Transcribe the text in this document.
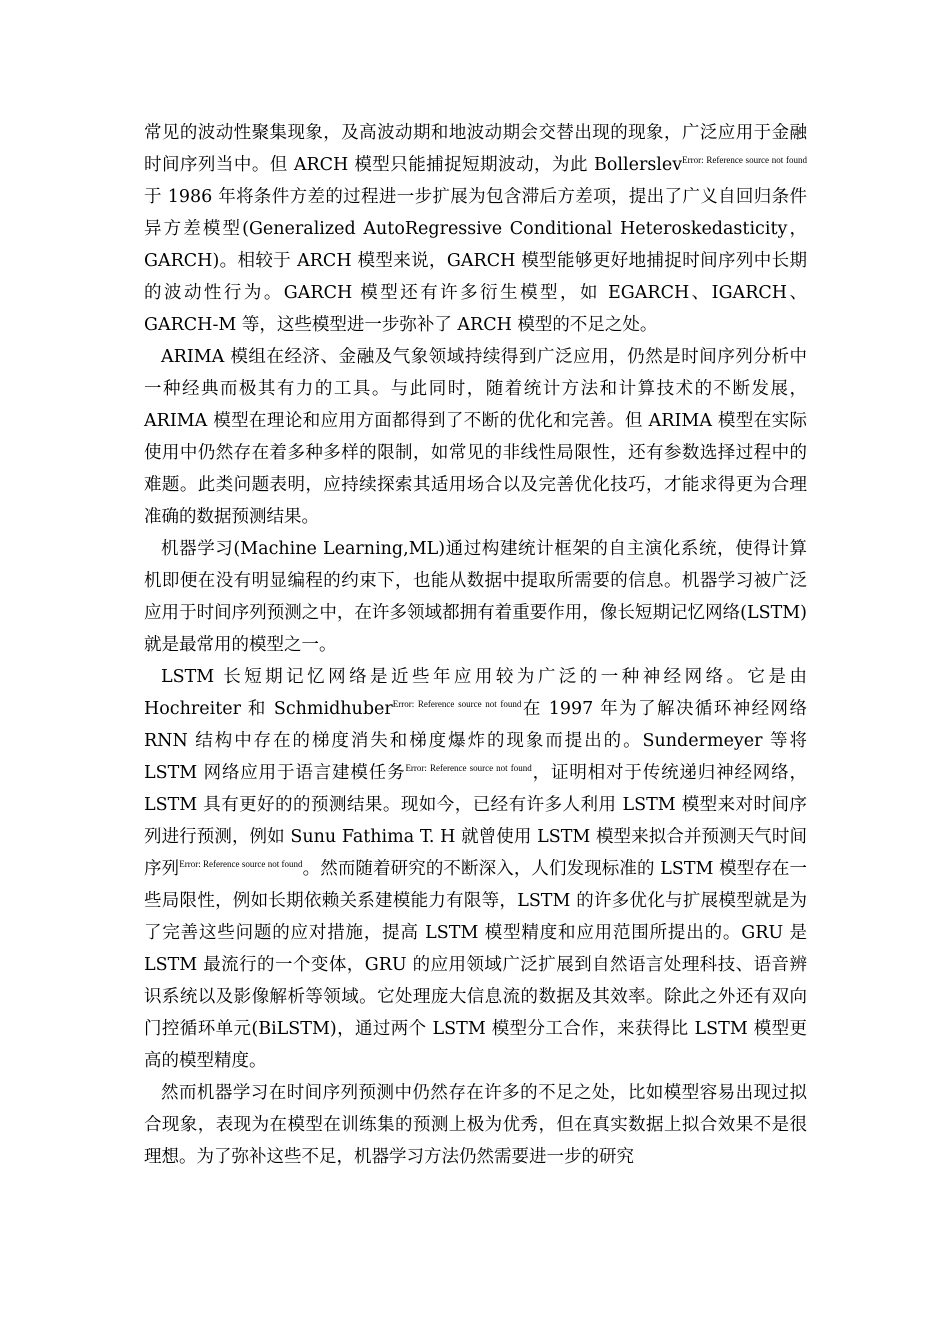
常见的波动性聚集现象，及高波动期和地波动期会交替出现的现象，广泛应用于金融时间序列当中。但 ARCH 模型只能捕捉短期波动，为此 Bollerslev$^{Error: Reference source not found}$于 1986 年将条件方差的过程进一步扩展为包含滞后方差项，提出了广义自回归条件异方差模型(Generalized AutoRegressive Conditional Heteroskedasticity，GARCH)。相较于 ARCH 模型来说，GARCH 模型能够更好地捕捉时间序列中长期的波动性行为。GARCH 模型还有许多衍生模型，如 EGARCH、IGARCH、GARCH-M 等，这些模型进一步弥补了 ARCH 模型的不足之处。

ARIMA 模组在经济、金融及气象领域持续得到广泛应用，仍然是时间序列分析中一种经典而极其有力的工具。与此同时，随着统计方法和计算技术的不断发展，ARIMA 模型在理论和应用方面都得到了不断的优化和完善。但 ARIMA 模型在实际使用中仍然存在着多种多样的限制，如常见的非线性局限性，还有参数选择过程中的难题。此类问题表明，应持续探索其适用场合以及完善优化技巧，才能求得更为合理准确的数据预测结果。

机器学习(Machine Learning,ML)通过构建统计框架的自主演化系统，使得计算机即便在没有明显编程的约束下，也能从数据中提取所需要的信息。机器学习被广泛应用于时间序列预测之中，在许多领域都拥有着重要作用，像长短期记忆网络(LSTM)就是最常用的模型之一。

LSTM 长短期记忆网络是近些年应用较为广泛的一种神经网络。它是由 Hochreiter 和 Schmidhuber$^{Error: Reference source not found}$在 1997 年为了解决循环神经网络 RNN 结构中存在的梯度消失和梯度爆炸的现象而提出的。Sundermeyer 等将 LSTM 网络应用于语言建模任务$^{Error: Reference source not found}$，证明相对于传统递归神经网络，LSTM 具有更好的的预测结果。现如今，已经有许多人利用 LSTM 模型来对时间序列进行预测，例如 Sunu Fathima T. H 就曾使用 LSTM 模型来拟合并预测天气时间序列$^{Error: Reference source not found}$。然而随着研究的不断深入，人们发现标准的 LSTM 模型存在一些局限性，例如长期依赖关系建模能力有限等，LSTM 的许多优化与扩展模型就是为了完善这些问题的应对措施，提高 LSTM 模型精度和应用范围所提出的。GRU 是 LSTM 最流行的一个变体，GRU 的应用领域广泛扩展到自然语言处理科技、语音辨识系统以及影像解析等领域。它处理庞大信息流的数据及其效率。除此之外还有双向门控循环单元(BiLSTM)，通过两个 LSTM 模型分工合作，来获得比 LSTM 模型更高的模型精度。

然而机器学习在时间序列预测中仍然存在许多的不足之处，比如模型容易出现过拟合现象，表现为在模型在训练集的预测上极为优秀，但在真实数据上拟合效果不是很理想。为了弥补这些不足，机器学习方法仍然需要进一步的研究
